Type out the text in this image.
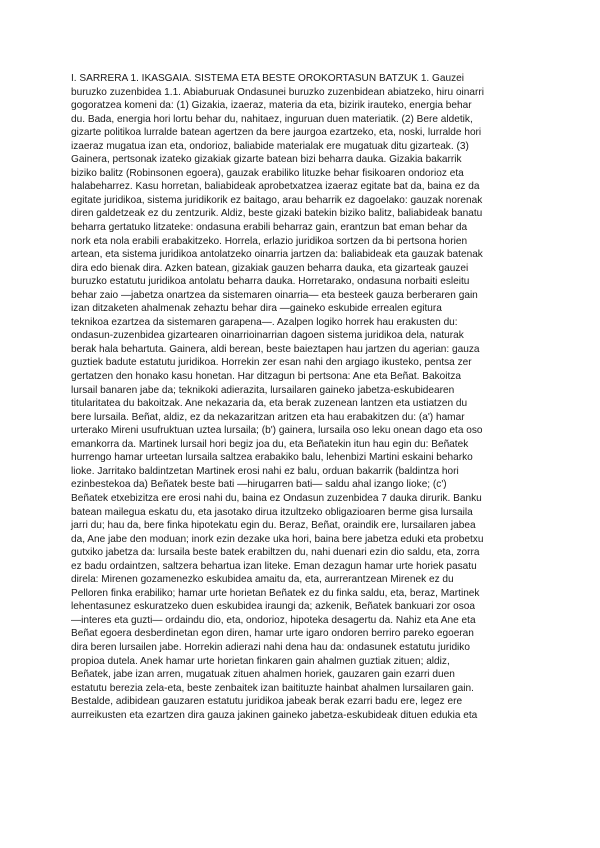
I. SARRERA 1. IKASGAIA. SISTEMA ETA BESTE OROKORTASUN BATZUK 1. Gauzei
buruzko zuzenbidea 1.1. Abiaburuak Ondasunei buruzko zuzenbidean abiatzeko, hiru oinarri
gogoratzea komeni da: (1) Gizakia, izaeraz, materia da eta, bizirik irauteko, energia behar
du. Bada, energia hori lortu behar du, nahitaez, inguruan duen materiatik. (2) Bere aldetik,
gizarte politikoa lurralde batean agertzen da bere jaurgoa ezartzeko, eta, noski, lurralde hori
izaeraz mugatua izan eta, ondorioz, baliabide materialak ere mugatuak ditu gizarteak. (3)
Gainera, pertsonak izateko gizakiak gizarte batean bizi beharra dauka. Gizakia bakarrik
biziko balitz (Robinsonen egoera), gauzak erabiliko lituzke behar fisikoaren ondorioz eta
halabeharrez. Kasu horretan, baliabideak aprobetxatzea izaeraz egitate bat da, baina ez da
egitate juridikoa, sistema juridikorik ez baitago, arau beharrik ez dagoelako: gauzak norenak
diren galdetzeak ez du zentzurik. Aldiz, beste gizaki batekin biziko balitz, baliabideak banatu
beharra gertatuko litzateke: ondasuna erabili beharraz gain, erantzun bat eman behar da
nork eta nola erabili erabakitzeko. Horrela, erlazio juridikoa sortzen da bi pertsona horien
artean, eta sistema juridikoa antolatzeko oinarria jartzen da: baliabideak eta gauzak batenak
dira edo bienak dira. Azken batean, gizakiak gauzen beharra dauka, eta gizarteak gauzei
buruzko estatutu juridikoa antolatu beharra dauka. Horretarako, ondasuna norbaiti esleitu
behar zaio —jabetza onartzea da sistemaren oinarria— eta besteek gauza berberaren gain
izan ditzaketen ahalmenak zehaztu behar dira —gaineko eskubide errealen egitura
teknikoa ezartzea da sistemaren garapena—. Azalpen logiko horrek hau erakusten du:
ondasun-zuzenbidea gizartearen oinarrioinarrian dagoen sistema juridikoa dela, naturak
berak hala behartuta. Gainera, aldi berean, beste baieztapen hau jartzen du agerian: gauza
guztiek badute estatutu juridikoa. Horrekin zer esan nahi den argiago ikusteko, pentsa zer
gertatzen den honako kasu honetan. Har ditzagun bi pertsona: Ane eta Beñat. Bakoitza
lursail banaren jabe da; teknikoki adierazita, lursailaren gaineko jabetza-eskubidearen
titularitatea du bakoitzak. Ane nekazaria da, eta berak zuzenean lantzen eta ustiatzen du
bere lursaila. Beñat, aldiz, ez da nekazaritzan aritzen eta hau erabakitzen du: (a') hamar
urterako Mireni usufruktuan uztea lursaila; (b') gainera, lursaila oso leku onean dago eta oso
emankorra da. Martinek lursail hori begiz joa du, eta Beñatekin itun hau egin du: Beñatek
hurrengo hamar urteetan lursaila saltzea erabakiko balu, lehenbizi Martini eskaini beharko
lioke. Jarritako baldintzetan Martinek erosi nahi ez balu, orduan bakarrik (baldintza hori
ezinbestekoa da) Beñatek beste bati —hirugarren bati— saldu ahal izango lioke; (c')
Beñatek etxebizitza ere erosi nahi du, baina ez Ondasun zuzenbidea 7 dauka dirurik. Banku
batean mailegua eskatu du, eta jasotako dirua itzultzeko obligazioaren berme gisa lursaila
jarri du; hau da, bere finka hipotekatu egin du. Beraz, Beñat, oraindik ere, lursailaren jabea
da, Ane jabe den moduan; inork ezin dezake uka hori, baina bere jabetza eduki eta probetxu
gutxiko jabetza da: lursaila beste batek erabiltzen du, nahi duenari ezin dio saldu, eta, zorra
ez badu ordaintzen, saltzera behartua izan liteke. Eman dezagun hamar urte horiek pasatu
direla: Mirenen gozamenezko eskubidea amaitu da, eta, aurrerantzean Mirenek ez du
Pelloren finka erabiliko; hamar urte horietan Beñatek ez du finka saldu, eta, beraz, Martinek
lehentasunez eskuratzeko duen eskubidea iraungi da; azkenik, Beñatek bankuari zor osoa
—interes eta guzti— ordaindu dio, eta, ondorioz, hipoteka desagertu da. Nahiz eta Ane eta
Beñat egoera desberdinetan egon diren, hamar urte igaro ondoren berriro pareko egoeran
dira beren lursailen jabe. Horrekin adierazi nahi dena hau da: ondasunek estatutu juridiko
propioa dutela. Anek hamar urte horietan finkaren gain ahalmen guztiak zituen; aldiz,
Beñatek, jabe izan arren, mugatuak zituen ahalmen horiek, gauzaren gain ezarri duen
estatutu berezia zela-eta, beste zenbaitek izan baitituzte hainbat ahalmen lursailaren gain.
Bestalde, adibidean gauzaren estatutu juridikoa jabeak berak ezarri badu ere, legez ere
aurreikusten eta ezartzen dira gauza jakinen gaineko jabetza-eskubideak dituen edukia eta
